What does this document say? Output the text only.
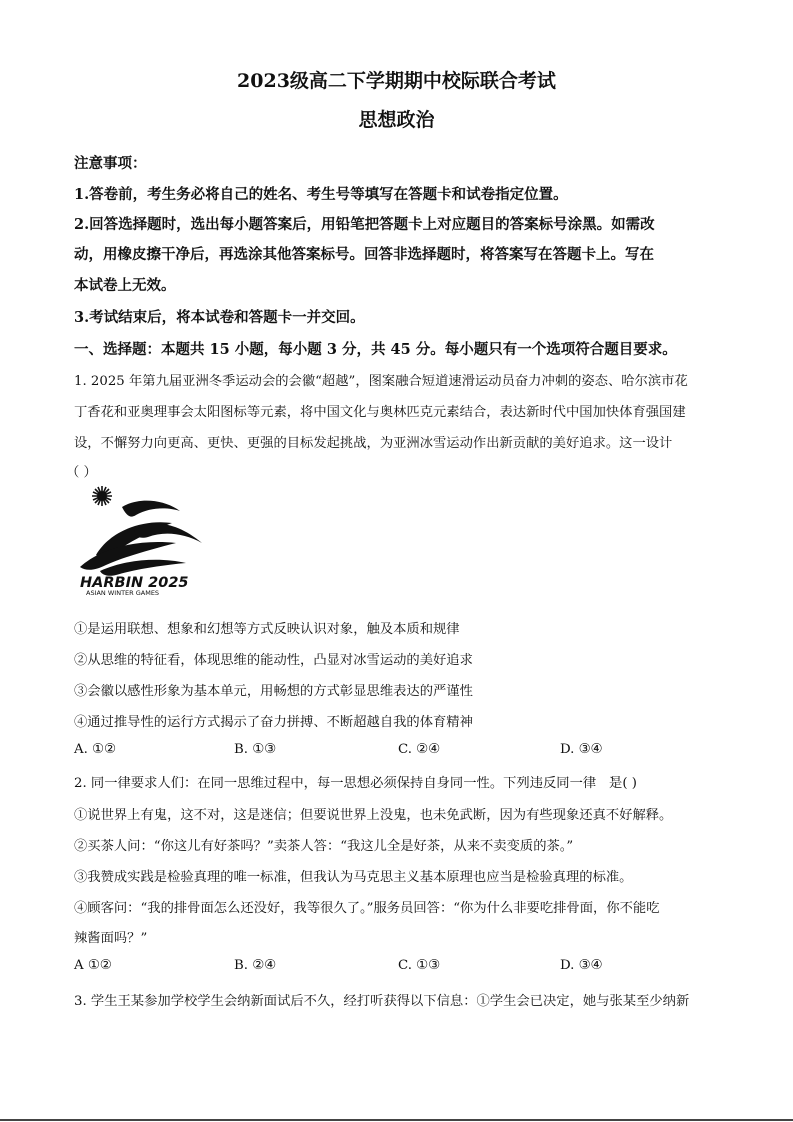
2023级高二下学期期中校际联合考试
思想政治
注意事项：
1.答卷前，考生务必将自己的姓名、考生号等填写在答题卡和试卷指定位置。
2.回答选择题时，选出每小题答案后，用铅笔把答题卡上对应题目的答案标号涂黑。如需改
动，用橡皮擦干净后，再选涂其他答案标号。回答非选择题时，将答案写在答题卡上。写在
本试卷上无效。
3.考试结束后，将本试卷和答题卡一并交回。
一、选择题：本题共 15 小题，每小题 3 分，共 45 分。每小题只有一个选项符合题目要求。
1. 2025 年第九届亚洲冬季运动会的会徽“超越”，图案融合短道速滑运动员奋力冲刺的姿态、哈尔滨市花
丁香花和亚奥理事会太阳图标等元素，将中国文化与奥林匹克元素结合，表达新时代中国加快体育强国建
设，不懈努力向更高、更快、更强的目标发起挑战，为亚洲冰雪运动作出新贡献的美好追求。这一设计
（ ）
HARBIN 2025
ASIAN WINTER GAMES
①是运用联想、想象和幻想等方式反映认识对象，触及本质和规律
②从思维的特征看，体现思维的能动性，凸显对冰雪运动的美好追求
③会徽以感性形象为基本单元，用畅想的方式彰显思维表达的严谨性
④通过推导性的运行方式揭示了奋力拼搏、不断超越自我的体育精神
A. ①②	B. ①③	C. ②④	D. ③④
2. 同一律要求人们：在同一思维过程中，每一思想必须保持自身同一性。下列违反同一律ᅟ̀是( )
①说世界上有鬼，这不对，这是迷信；但要说世界上没鬼，也未免武断，因为有些现象还真不好解释。
②买茶人问：“你这儿有好茶吗？”卖茶人答：“我这儿全是好茶，从来不卖变质的茶。”
③我赞成实践是检验真理的唯一标准，但我认为马克思主义基本原理也应当是检验真理的标准。
④顾客问：“我的排骨面怎么还没好，我等很久了。”服务员回答：“你为什么非要吃排骨面，你不能吃
辣酱面吗？”
A ①②	B. ②④	C. ①③	D. ③④
3. 学生王某参加学校学生会纳新面试后不久，经打听获得以下信息：①学生会已决定，她与张某至少纳新
